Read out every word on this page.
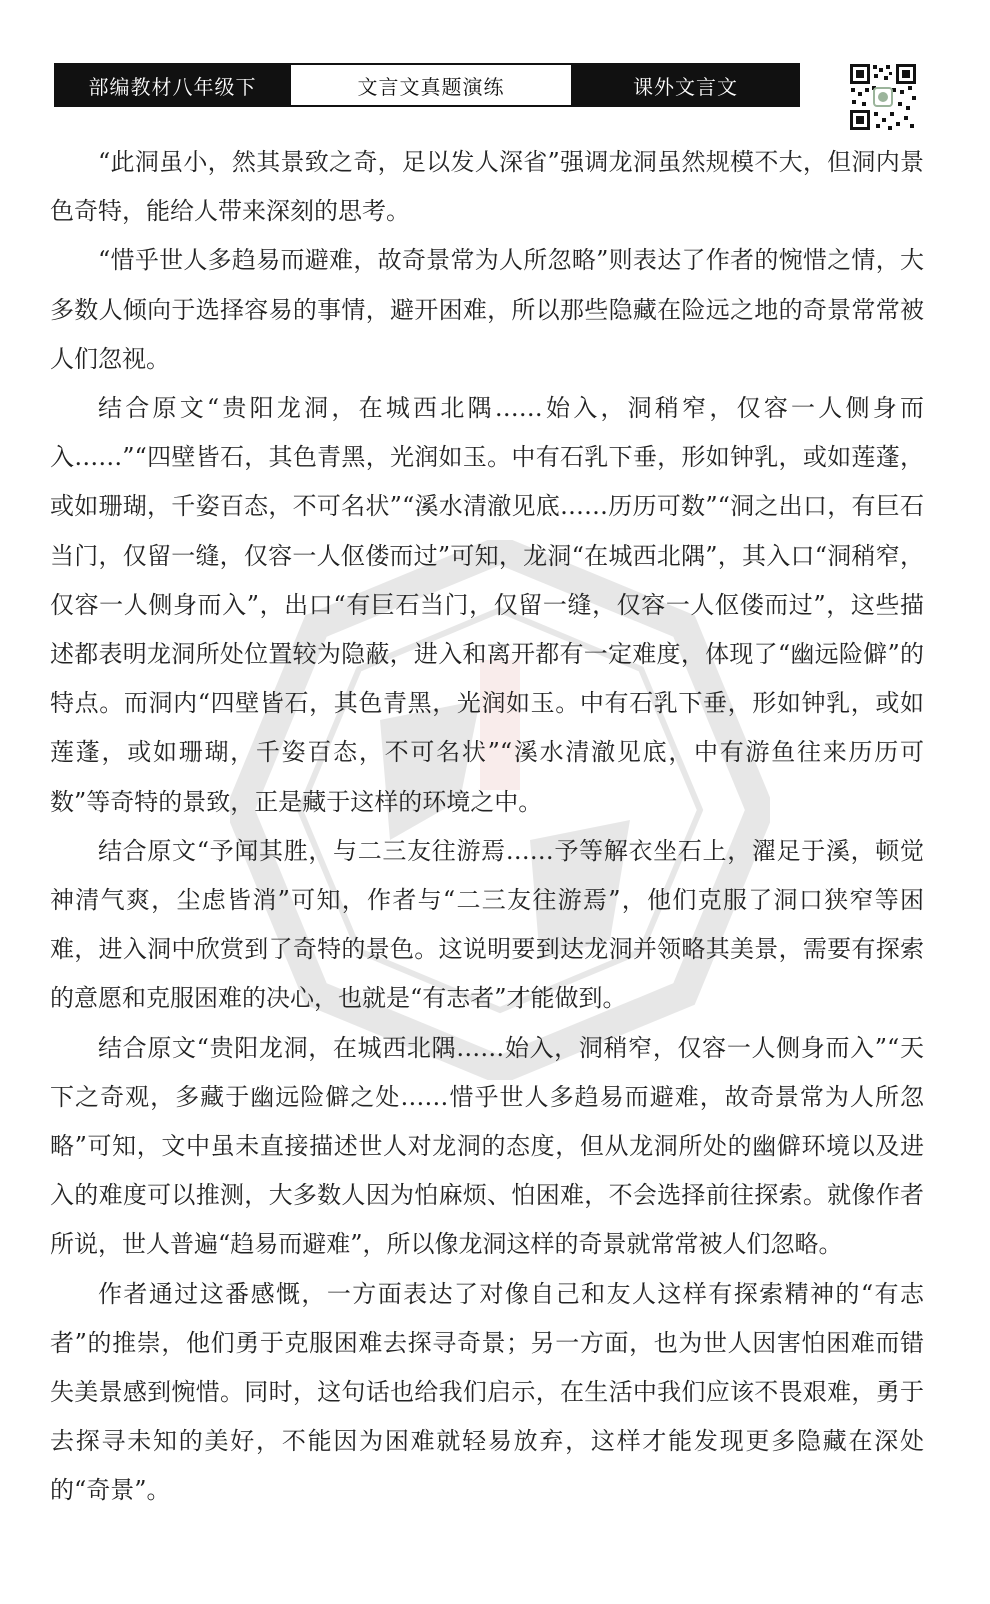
部编教材八年级下	文言文真题演练	课外文言文

“此洞虽小，然其景致之奇，足以发人深省”强调龙洞虽然规模不大，但洞内景色奇特，能给人带来深刻的思考。

“惜乎世人多趋易而避难，故奇景常为人所忽略”则表达了作者的惋惜之情，大多数人倾向于选择容易的事情，避开困难，所以那些隐藏在险远之地的奇景常常被人们忽视。

结合原文“贵阳龙洞，在城西北隅……始入，洞稍窄，仅容一人侧身而入……”“四壁皆石，其色青黑，光润如玉。中有石乳下垂，形如钟乳，或如莲蓬，或如珊瑚，千姿百态，不可名状”“溪水清澈见底……历历可数”“洞之出口，有巨石当门，仅留一缝，仅容一人伛偻而过”可知，龙洞“在城西北隅”，其入口“洞稍窄，仅容一人侧身而入”，出口“有巨石当门，仅留一缝，仅容一人伛偻而过”，这些描述都表明龙洞所处位置较为隐蔽，进入和离开都有一定难度，体现了“幽远险僻”的特点。而洞内“四壁皆石，其色青黑，光润如玉。中有石乳下垂，形如钟乳，或如莲蓬，或如珊瑚，千姿百态，不可名状”“溪水清澈见底，中有游鱼往来历历可数”等奇特的景致，正是藏于这样的环境之中。

结合原文“予闻其胜，与二三友往游焉……予等解衣坐石上，濯足于溪，顿觉神清气爽，尘虑皆消”可知，作者与“二三友往游焉”，他们克服了洞口狭窄等困难，进入洞中欣赏到了奇特的景色。这说明要到达龙洞并领略其美景，需要有探索的意愿和克服困难的决心，也就是“有志者”才能做到。

结合原文“贵阳龙洞，在城西北隅……始入，洞稍窄，仅容一人侧身而入”“天下之奇观，多藏于幽远险僻之处……惜乎世人多趋易而避难，故奇景常为人所忽略”可知，文中虽未直接描述世人对龙洞的态度，但从龙洞所处的幽僻环境以及进入的难度可以推测，大多数人因为怕麻烦、怕困难，不会选择前往探索。就像作者所说，世人普遍“趋易而避难”，所以像龙洞这样的奇景就常常被人们忽略。

作者通过这番感慨，一方面表达了对像自己和友人这样有探索精神的“有志者”的推崇，他们勇于克服困难去探寻奇景；另一方面，也为世人因害怕困难而错失美景感到惋惜。同时，这句话也给我们启示，在生活中我们应该不畏艰难，勇于去探寻未知的美好，不能因为困难就轻易放弃，这样才能发现更多隐藏在深处的“奇景”。
